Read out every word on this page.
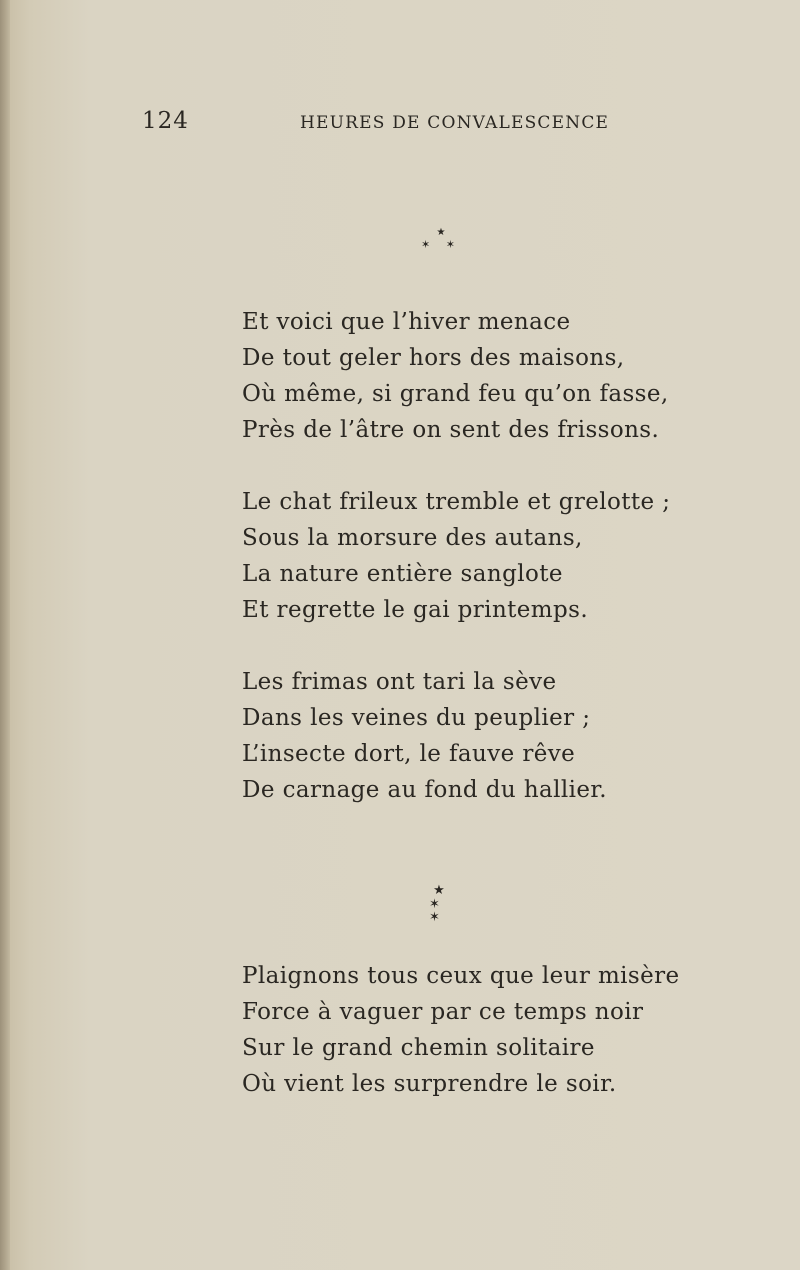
124	HEURES DE CONVALESCENCE
★
✶ ✶
Et voici que l’hiver menace
De tout geler hors des maisons,
Où même, si grand feu qu’on fasse,
Près de l’âtre on sent des frissons.
Le chat frileux tremble et grelotte ;
Sous la morsure des autans,
La nature entière sanglote
Et regrette le gai printemps.
Les frimas ont tari la sève
Dans les veines du peuplier ;
L’insecte dort, le fauve rêve
De carnage au fond du hallier.
★
✶ ✶
Plaignons tous ceux que leur misère
Force à vaguer par ce temps noir
Sur le grand chemin solitaire
Où vient les surprendre le soir.
